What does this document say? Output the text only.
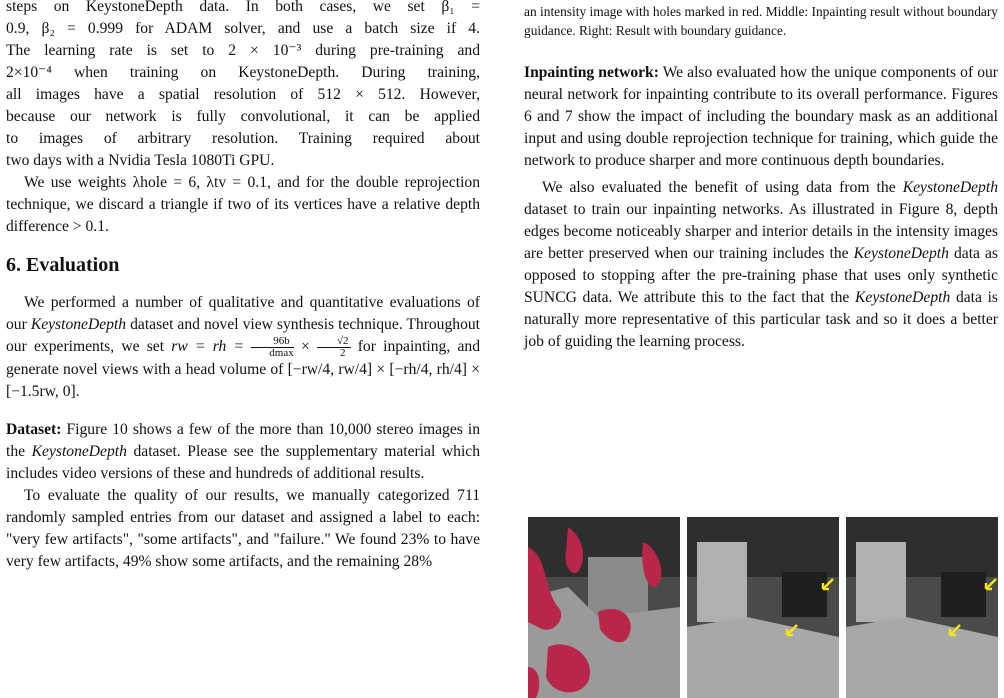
steps on KeystoneDepth data. In both cases, we set β₁ =

0.9, β₂ = 0.999 for ADAM solver, and use a batch size if 4.

The learning rate is set to 2 × 10⁻³ during pre-training and

2×10⁻⁴ when training on KeystoneDepth. During training,

all images have a spatial resolution of 512 × 512. However,

because our network is fully convolutional, it can be applied

to images of arbitrary resolution. Training required about

two days with a Nvidia Tesla 1080Ti GPU.

We use weights λhole = 6, λtv = 0.1, and for the double reprojection technique, we discard a triangle if two of its vertices have a relative depth difference > 0.1.

6. Evaluation

We performed a number of qualitative and quantitative evaluations of our KeystoneDepth dataset and novel view synthesis technique. Throughout our experiments, we set rw = rh = $\frac{96b}{dmax} \times \frac{√2}{2}$ for inpainting, and generate novel views with a head volume of [−rw/4, rw/4] × [−rh/4, rh/4] × [−1.5rw, 0].

Dataset: Figure 10 shows a few of the more than 10,000 stereo images in the KeystoneDepth dataset. Please see the supplementary material which includes video versions of these and hundreds of additional results.

To evaluate the quality of our results, we manually categorized 711 randomly sampled entries from our dataset and assigned a label to each: "very few artifacts", "some artifacts", and "failure." We found 23% to have very few artifacts, 49% show some artifacts, and the remaining 28%

an intensity image with holes marked in red. Middle: Inpainting result without boundary guidance. Right: Result with boundary guidance.

Inpainting network: We also evaluated how the unique components of our neural network for inpainting contribute to its overall performance. Figures 6 and 7 show the impact of including the boundary mask as an additional input and using double reprojection technique for training, which guide the network to produce sharper and more continuous depth boundaries.

We also evaluated the benefit of using data from the KeystoneDepth dataset to train our inpainting networks. As illustrated in Figure 8, depth edges become noticeably sharper and interior details in the intensity images are better preserved when our training includes the KeystoneDepth data as opposed to stopping after the pre-training phase that uses only synthetic SUNCG data. We attribute this to the fact that the KeystoneDepth data is naturally more representative of this particular task and so it does a better job of guiding the learning process.
